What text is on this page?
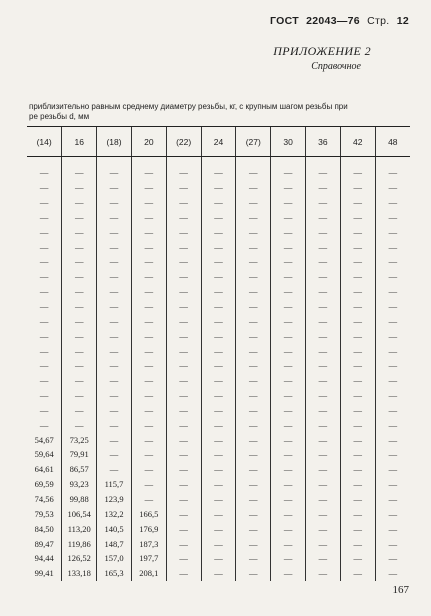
ГОСТ 22043—76 Стр. 12
ПРИЛОЖЕНИЕ 2
Справочное
приблизительно равным среднему диаметру резьбы, кг, с крупным шагом резьбы при
ре резьбы d, мм
(14)	16	(18)	20	(22)	24	(27)	30	36	42	48

—	—	—	—	—	—	—	—	—	—	—
—	—	—	—	—	—	—	—	—	—	—
—	—	—	—	—	—	—	—	—	—	—
—	—	—	—	—	—	—	—	—	—	—
—	—	—	—	—	—	—	—	—	—	—
—	—	—	—	—	—	—	—	—	—	—
—	—	—	—	—	—	—	—	—	—	—
—	—	—	—	—	—	—	—	—	—	—
—	—	—	—	—	—	—	—	—	—	—
—	—	—	—	—	—	—	—	—	—	—
—	—	—	—	—	—	—	—	—	—	—
—	—	—	—	—	—	—	—	—	—	—
—	—	—	—	—	—	—	—	—	—	—
—	—	—	—	—	—	—	—	—	—	—
—	—	—	—	—	—	—	—	—	—	—
—	—	—	—	—	—	—	—	—	—	—
—	—	—	—	—	—	—	—	—	—	—
—	—	—	—	—	—	—	—	—	—	—
54,67	73,25	—	—	—	—	—	—	—	—	—
59,64	79,91	—	—	—	—	—	—	—	—	—
64,61	86,57	—	—	—	—	—	—	—	—	—
69,59	93,23	115,7	—	—	—	—	—	—	—	—
74,56	99,88	123,9	—	—	—	—	—	—	—	—
79,53	106,54	132,2	166,5	—	—	—	—	—	—	—
84,50	113,20	140,5	176,9	—	—	—	—	—	—	—
89,47	119,86	148,7	187,3	—	—	—	—	—	—	—
94,44	126,52	157,0	197,7	—	—	—	—	—	—	—
99,41	133,18	165,3	208,1	—	—	—	—	—	—	—
167
